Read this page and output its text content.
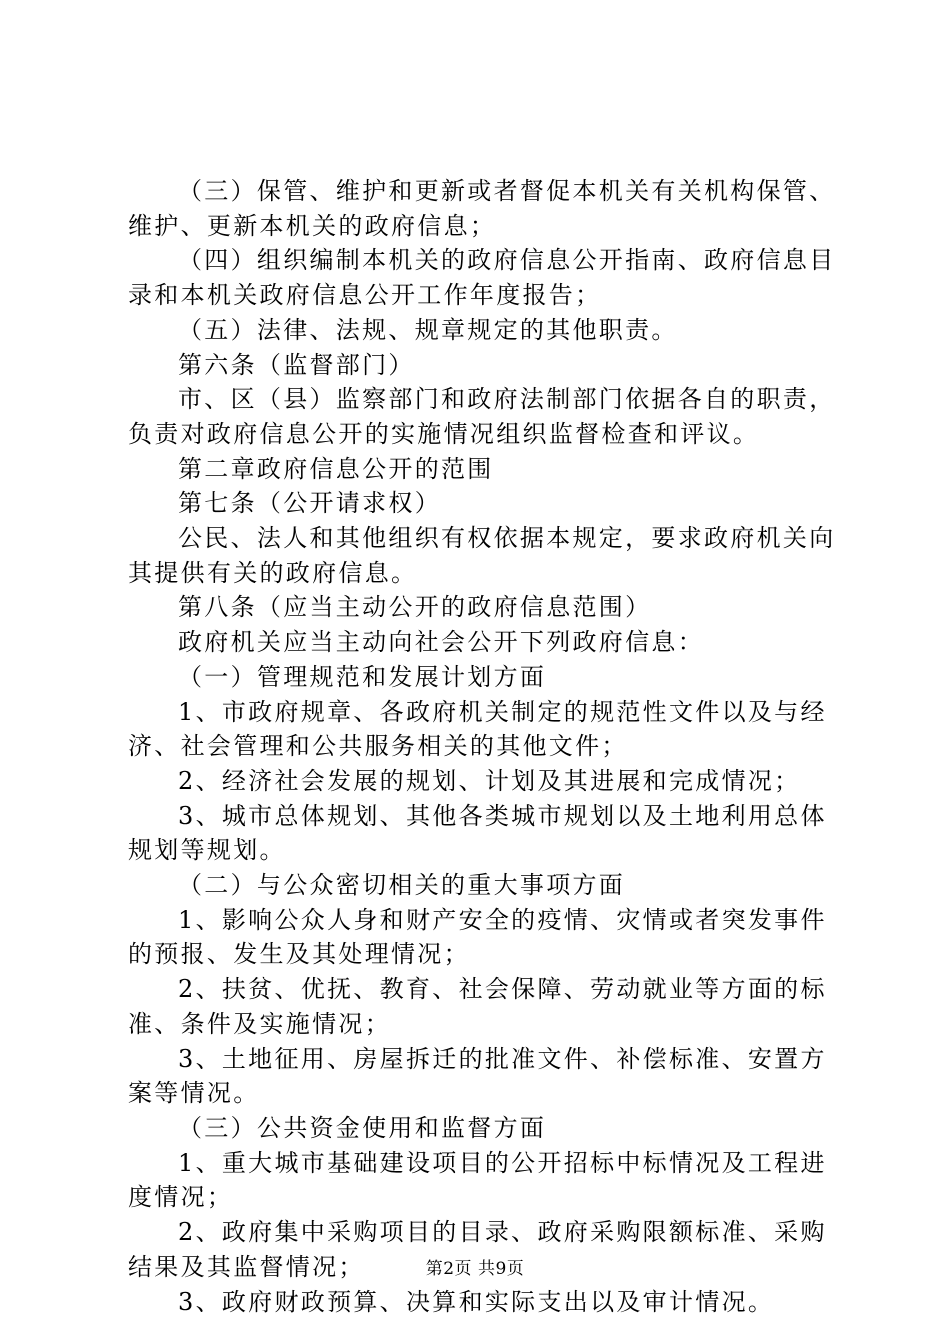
（三）保管、维护和更新或者督促本机关有关机构保管、维护、更新本机关的政府信息；

（四）组织编制本机关的政府信息公开指南、政府信息目录和本机关政府信息公开工作年度报告；

（五）法律、法规、规章规定的其他职责。

第六条（监督部门）

市、区（县）监察部门和政府法制部门依据各自的职责，负责对政府信息公开的实施情况组织监督检查和评议。

第二章政府信息公开的范围

第七条（公开请求权）

公民、法人和其他组织有权依据本规定，要求政府机关向其提供有关的政府信息。

第八条（应当主动公开的政府信息范围）

政府机关应当主动向社会公开下列政府信息：

（一）管理规范和发展计划方面

1、市政府规章、各政府机关制定的规范性文件以及与经济、社会管理和公共服务相关的其他文件；

2、经济社会发展的规划、计划及其进展和完成情况；

3、城市总体规划、其他各类城市规划以及土地利用总体规划等规划。

（二）与公众密切相关的重大事项方面

1、影响公众人身和财产安全的疫情、灾情或者突发事件的预报、发生及其处理情况；

2、扶贫、优抚、教育、社会保障、劳动就业等方面的标准、条件及实施情况；

3、土地征用、房屋拆迁的批准文件、补偿标准、安置方案等情况。

（三）公共资金使用和监督方面

1、重大城市基础建设项目的公开招标中标情况及工程进度情况；

2、政府集中采购项目的目录、政府采购限额标准、采购结果及其监督情况；

3、政府财政预算、决算和实际支出以及审计情况。

第2页 共9页
